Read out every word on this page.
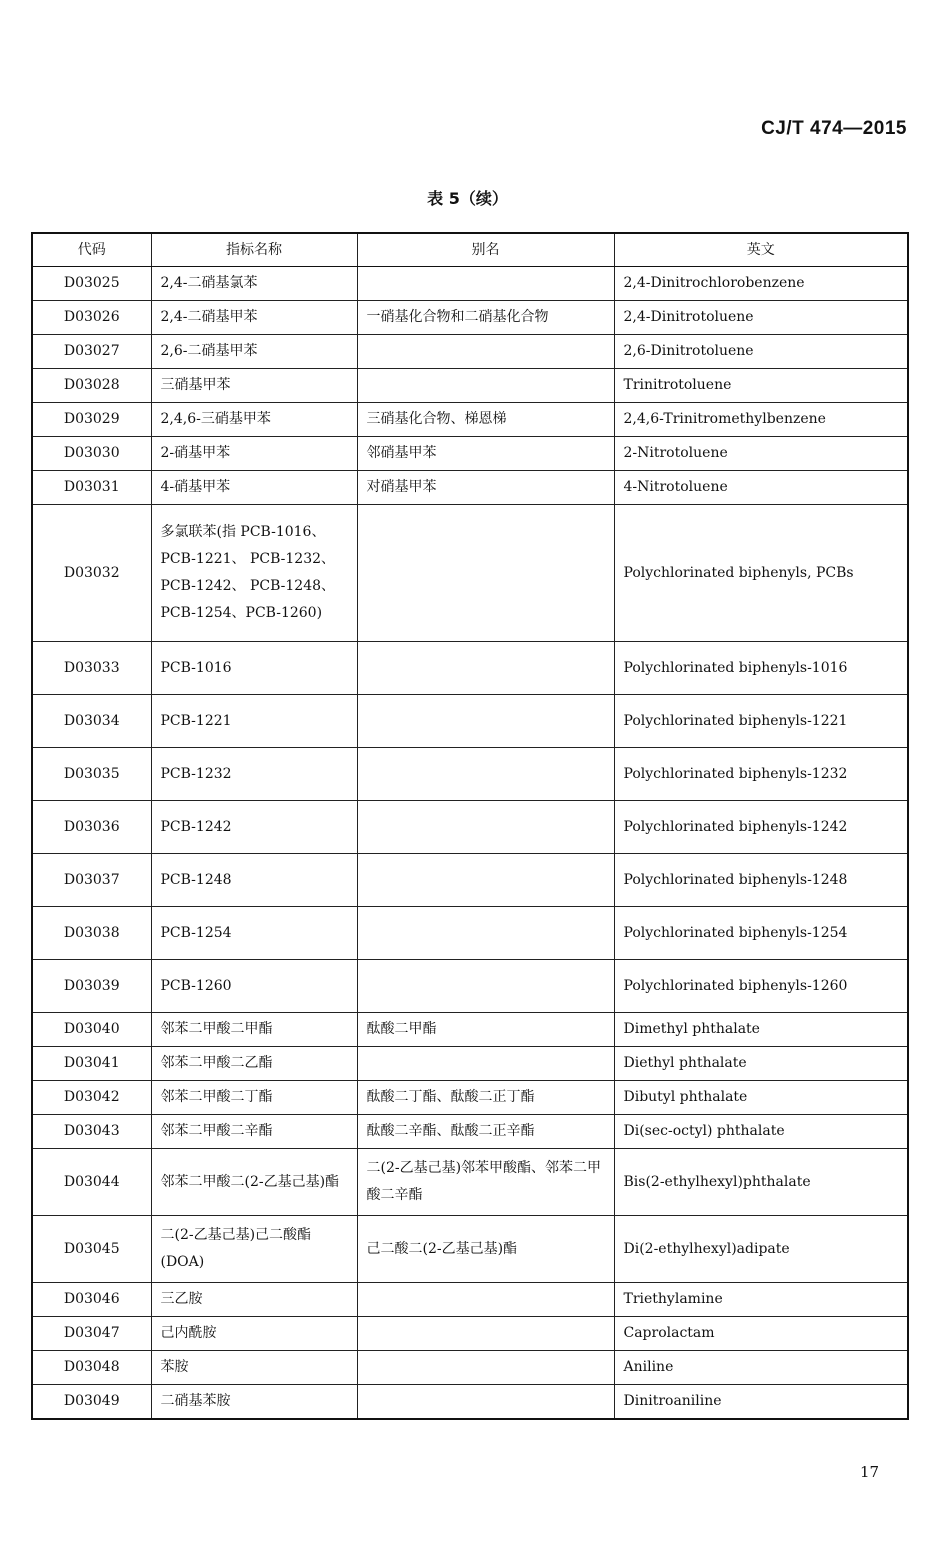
CJ/T 474—2015
表 5（续）
代码	指标名称	别名	英文
D03025	2,4-二硝基氯苯		2,4-Dinitrochlorobenzene
D03026	2,4-二硝基甲苯	一硝基化合物和二硝基化合物	2,4-Dinitrotoluene
D03027	2,6-二硝基甲苯		2,6-Dinitrotoluene
D03028	三硝基甲苯		Trinitrotoluene
D03029	2,4,6-三硝基甲苯	三硝基化合物、梯恩梯	2,4,6-Trinitromethylbenzene
D03030	2-硝基甲苯	邻硝基甲苯	2-Nitrotoluene
D03031	4-硝基甲苯	对硝基甲苯	4-Nitrotoluene
D03032	多氯联苯(指 PCB-1016、PCB-1221、 PCB-1232、PCB-1242、 PCB-1248、PCB-1254、PCB-1260)		Polychlorinated biphenyls, PCBs
D03033	PCB-1016		Polychlorinated biphenyls-1016
D03034	PCB-1221		Polychlorinated biphenyls-1221
D03035	PCB-1232		Polychlorinated biphenyls-1232
D03036	PCB-1242		Polychlorinated biphenyls-1242
D03037	PCB-1248		Polychlorinated biphenyls-1248
D03038	PCB-1254		Polychlorinated biphenyls-1254
D03039	PCB-1260		Polychlorinated biphenyls-1260
D03040	邻苯二甲酸二甲酯	酞酸二甲酯	Dimethyl phthalate
D03041	邻苯二甲酸二乙酯		Diethyl phthalate
D03042	邻苯二甲酸二丁酯	酞酸二丁酯、酞酸二正丁酯	Dibutyl phthalate
D03043	邻苯二甲酸二辛酯	酞酸二辛酯、酞酸二正辛酯	Di(sec-octyl) phthalate
D03044	邻苯二甲酸二(2-乙基己基)酯	二(2-乙基己基)邻苯甲酸酯、邻苯二甲酸二辛酯	Bis(2-ethylhexyl)phthalate
D03045	二(2-乙基己基)己二酸酯(DOA)	己二酸二(2-乙基己基)酯	Di(2-ethylhexyl)adipate
D03046	三乙胺		Triethylamine
D03047	己内酰胺		Caprolactam
D03048	苯胺		Aniline
D03049	二硝基苯胺		Dinitroaniline
17
